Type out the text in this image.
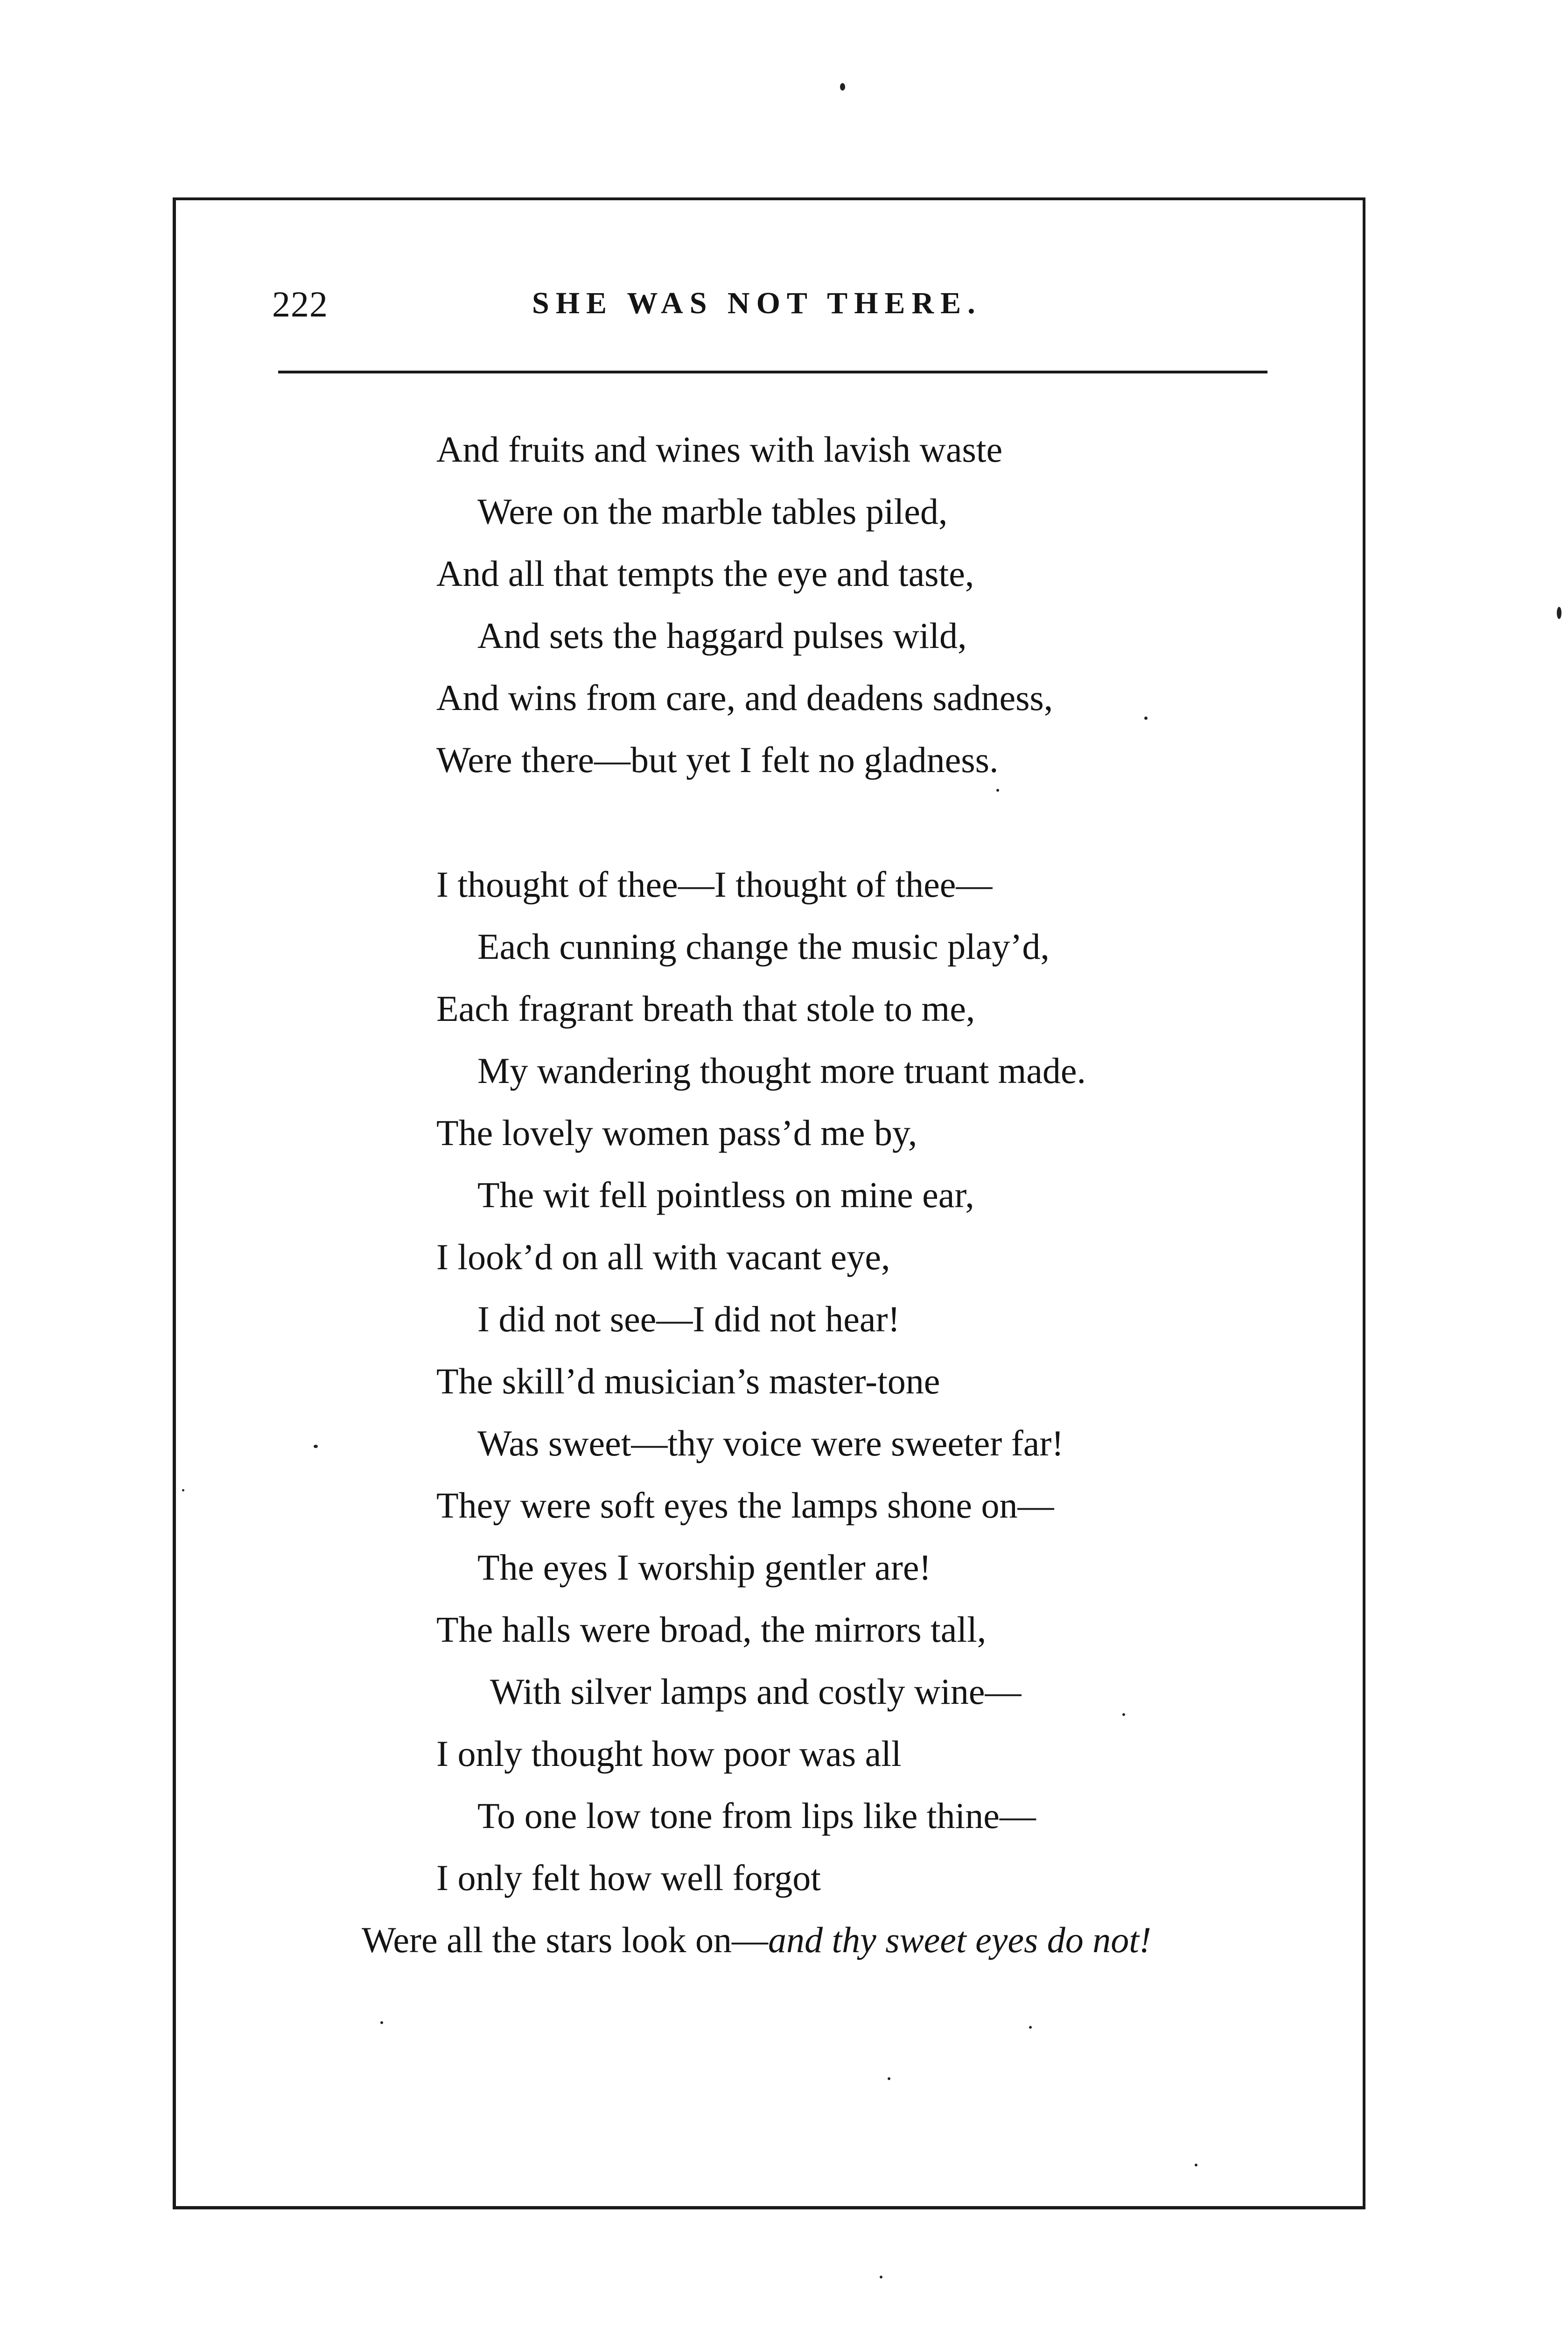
222	SHE WAS NOT THERE.
And fruits and wines with lavish waste
Were on the marble tables piled,
And all that tempts the eye and taste,
And sets the haggard pulses wild,
And wins from care, and deadens sadness,
Were there—but yet I felt no gladness.
I thought of thee—I thought of thee—
Each cunning change the music play’d,
Each fragrant breath that stole to me,
My wandering thought more truant made.
The lovely women pass’d me by,
The wit fell pointless on mine ear,
I look’d on all with vacant eye,
I did not see—I did not hear!
The skill’d musician’s master-tone
Was sweet—thy voice were sweeter far!
They were soft eyes the lamps shone on—
The eyes I worship gentler are!
The halls were broad, the mirrors tall,
With silver lamps and costly wine—
I only thought how poor was all
To one low tone from lips like thine—
I only felt how well forgot
Were all the stars look on—and thy sweet eyes do not!
